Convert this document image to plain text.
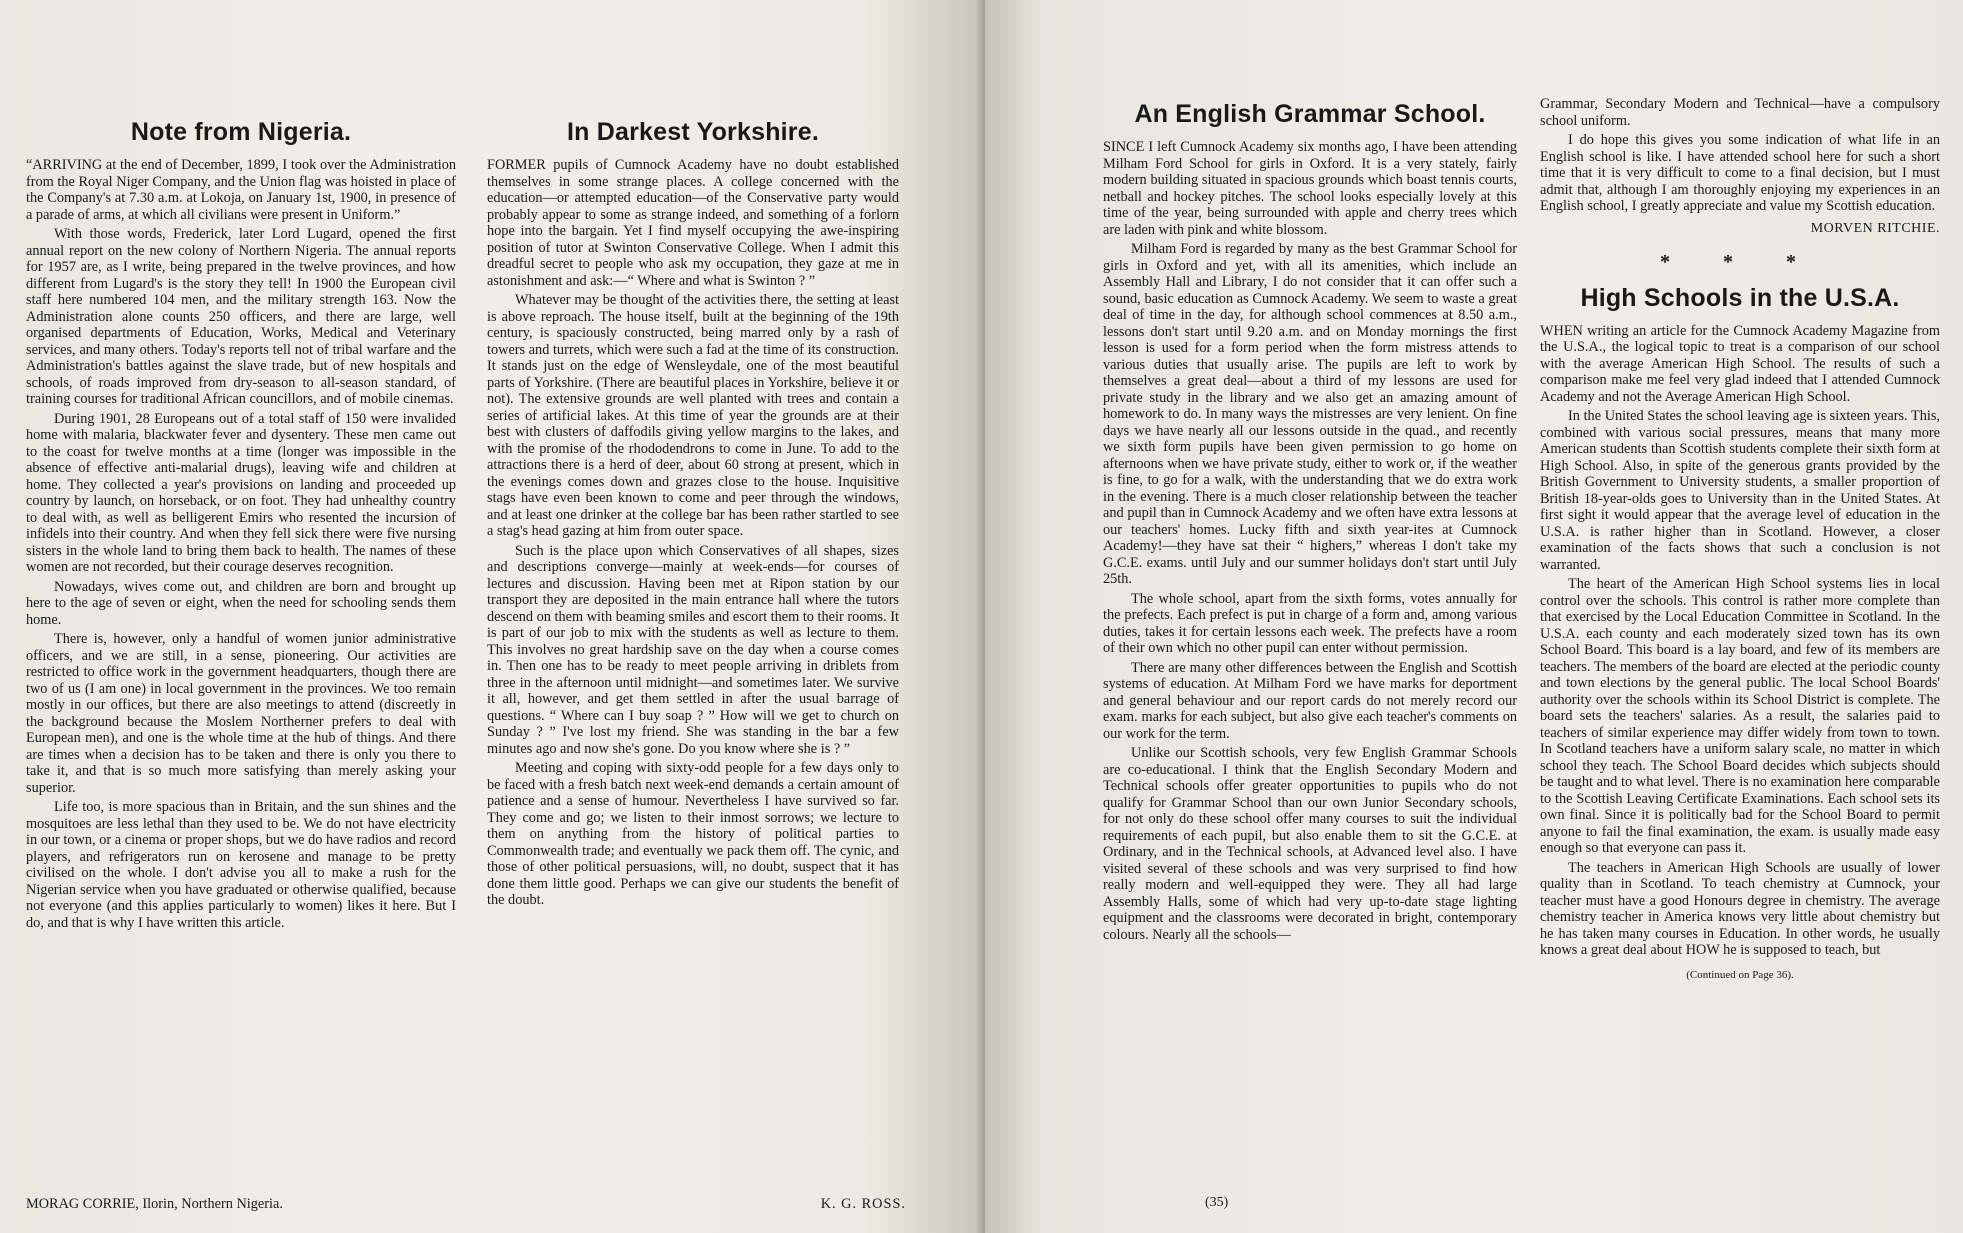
Note from Nigeria.

“ARRIVING at the end of December, 1899, I took over the Administration from the Royal Niger Company, and the Union flag was hoisted in place of the Company's at 7.30 a.m. at Lokoja, on January 1st, 1900, in presence of a parade of arms, at which all civilians were present in Uniform.”

With those words, Frederick, later Lord Lugard, opened the first annual report on the new colony of Northern Nigeria. The annual reports for 1957 are, as I write, being prepared in the twelve provinces, and how different from Lugard's is the story they tell! In 1900 the European civil staff here numbered 104 men, and the military strength 163. Now the Administration alone counts 250 officers, and there are large, well organised departments of Education, Works, Medical and Veterinary services, and many others. Today's reports tell not of tribal warfare and the Administration's battles against the slave trade, but of new hospitals and schools, of roads improved from dry-season to all-season standard, of training courses for traditional African councillors, and of mobile cinemas.

During 1901, 28 Europeans out of a total staff of 150 were invalided home with malaria, blackwater fever and dysentery. These men came out to the coast for twelve months at a time (longer was impossible in the absence of effective anti-malarial drugs), leaving wife and children at home. They collected a year's provisions on landing and proceeded up country by launch, on horseback, or on foot. They had unhealthy country to deal with, as well as belligerent Emirs who resented the incursion of infidels into their country. And when they fell sick there were five nursing sisters in the whole land to bring them back to health. The names of these women are not recorded, but their courage deserves recognition.

Nowadays, wives come out, and children are born and brought up here to the age of seven or eight, when the need for schooling sends them home.

There is, however, only a handful of women junior administrative officers, and we are still, in a sense, pioneering. Our activities are restricted to office work in the government headquarters, though there are two of us (I am one) in local government in the provinces. We too remain mostly in our offices, but there are also meetings to attend (discreetly in the background because the Moslem Northerner prefers to deal with European men), and one is the whole time at the hub of things. And there are times when a decision has to be taken and there is only you there to take it, and that is so much more satisfying than merely asking your superior.

Life too, is more spacious than in Britain, and the sun shines and the mosquitoes are less lethal than they used to be. We do not have electricity in our town, or a cinema or proper shops, but we do have radios and record players, and refrigerators run on kerosene and manage to be pretty civilised on the whole. I don't advise you all to make a rush for the Nigerian service when you have graduated or otherwise qualified, because not everyone (and this applies particularly to women) likes it here. But I do, and that is why I have written this article.

In Darkest Yorkshire.

FORMER pupils of Cumnock Academy have no doubt established themselves in some strange places. A college concerned with the education—or attempted education—of the Conservative party would probably appear to some as strange indeed, and something of a forlorn hope into the bargain. Yet I find myself occupying the awe-inspiring position of tutor at Swinton Conservative College. When I admit this dreadful secret to people who ask my occupation, they gaze at me in astonishment and ask:—“ Where and what is Swinton ? ”

Whatever may be thought of the activities there, the setting at least is above reproach. The house itself, built at the beginning of the 19th century, is spaciously constructed, being marred only by a rash of towers and turrets, which were such a fad at the time of its construction. It stands just on the edge of Wensleydale, one of the most beautiful parts of Yorkshire. (There are beautiful places in Yorkshire, believe it or not). The extensive grounds are well planted with trees and contain a series of artificial lakes. At this time of year the grounds are at their best with clusters of daffodils giving yellow margins to the lakes, and with the promise of the rhododendrons to come in June. To add to the attractions there is a herd of deer, about 60 strong at present, which in the evenings comes down and grazes close to the house. Inquisitive stags have even been known to come and peer through the windows, and at least one drinker at the college bar has been rather startled to see a stag's head gazing at him from outer space.

Such is the place upon which Conservatives of all shapes, sizes and descriptions converge—mainly at week-ends—for courses of lectures and discussion. Having been met at Ripon station by our transport they are deposited in the main entrance hall where the tutors descend on them with beaming smiles and escort them to their rooms. It is part of our job to mix with the students as well as lecture to them. This involves no great hardship save on the day when a course comes in. Then one has to be ready to meet people arriving in driblets from three in the afternoon until midnight—and sometimes later. We survive it all, however, and get them settled in after the usual barrage of questions. “ Where can I buy soap ? ” How will we get to church on Sunday ? ” I've lost my friend. She was standing in the bar a few minutes ago and now she's gone. Do you know where she is ? ”

Meeting and coping with sixty-odd people for a few days only to be faced with a fresh batch next week-end demands a certain amount of patience and a sense of humour. Nevertheless I have survived so far. They come and go; we listen to their inmost sorrows; we lecture to them on anything from the history of political parties to Commonwealth trade; and eventually we pack them off. The cynic, and those of other political persuasions, will, no doubt, suspect that it has done them little good. Perhaps we can give our students the benefit of the doubt.

MORAG CORRIE, Ilorin, Northern Nigeria.	K. G. ROSS.
An English Grammar School.

SINCE I left Cumnock Academy six months ago, I have been attending Milham Ford School for girls in Oxford. It is a very stately, fairly modern building situated in spacious grounds which boast tennis courts, netball and hockey pitches. The school looks especially lovely at this time of the year, being surrounded with apple and cherry trees which are laden with pink and white blossom.

Milham Ford is regarded by many as the best Grammar School for girls in Oxford and yet, with all its amenities, which include an Assembly Hall and Library, I do not consider that it can offer such a sound, basic education as Cumnock Academy. We seem to waste a great deal of time in the day, for although school commences at 8.50 a.m., lessons don't start until 9.20 a.m. and on Monday mornings the first lesson is used for a form period when the form mistress attends to various duties that usually arise. The pupils are left to work by themselves a great deal—about a third of my lessons are used for private study in the library and we also get an amazing amount of homework to do. In many ways the mistresses are very lenient. On fine days we have nearly all our lessons outside in the quad., and recently we sixth form pupils have been given permission to go home on afternoons when we have private study, either to work or, if the weather is fine, to go for a walk, with the understanding that we do extra work in the evening. There is a much closer relationship between the teacher and pupil than in Cumnock Academy and we often have extra lessons at our teachers' homes. Lucky fifth and sixth year-ites at Cumnock Academy!—they have sat their “ highers,” whereas I don't take my G.C.E. exams. until July and our summer holidays don't start until July 25th.

The whole school, apart from the sixth forms, votes annually for the prefects. Each prefect is put in charge of a form and, among various duties, takes it for certain lessons each week. The prefects have a room of their own which no other pupil can enter without permission.

There are many other differences between the English and Scottish systems of education. At Milham Ford we have marks for deportment and general behaviour and our report cards do not merely record our exam. marks for each subject, but also give each teacher's comments on our work for the term.

Unlike our Scottish schools, very few English Grammar Schools are co-educational. I think that the English Secondary Modern and Technical schools offer greater opportunities to pupils who do not qualify for Grammar School than our own Junior Secondary schools, for not only do these school offer many courses to suit the individual requirements of each pupil, but also enable them to sit the G.C.E. at Ordinary, and in the Technical schools, at Advanced level also. I have visited several of these schools and was very surprised to find how really modern and well-equipped they were. They all had large Assembly Halls, some of which had very up-to-date stage lighting equipment and the classrooms were decorated in bright, contemporary colours. Nearly all the schools—

Grammar, Secondary Modern and Technical—have a compulsory school uniform.

I do hope this gives you some indication of what life in an English school is like. I have attended school here for such a short time that it is very difficult to come to a final decision, but I must admit that, although I am thoroughly enjoying my experiences in an English school, I greatly appreciate and value my Scottish education.

MORVEN RITCHIE.
* * *
High Schools in the U.S.A.

WHEN writing an article for the Cumnock Academy Magazine from the U.S.A., the logical topic to treat is a comparison of our school with the average American High School. The results of such a comparison make me feel very glad indeed that I attended Cumnock Academy and not the Average American High School.

In the United States the school leaving age is sixteen years. This, combined with various social pressures, means that many more American students than Scottish students complete their sixth form at High School. Also, in spite of the generous grants provided by the British Government to University students, a smaller proportion of British 18-year-olds goes to University than in the United States. At first sight it would appear that the average level of education in the U.S.A. is rather higher than in Scotland. However, a closer examination of the facts shows that such a conclusion is not warranted.

The heart of the American High School systems lies in local control over the schools. This control is rather more complete than that exercised by the Local Education Committee in Scotland. In the U.S.A. each county and each moderately sized town has its own School Board. This board is a lay board, and few of its members are teachers. The members of the board are elected at the periodic county and town elections by the general public. The local School Boards' authority over the schools within its School District is complete. The board sets the teachers' salaries. As a result, the salaries paid to teachers of similar experience may differ widely from town to town. In Scotland teachers have a uniform salary scale, no matter in which school they teach. The School Board decides which subjects should be taught and to what level. There is no examination here comparable to the Scottish Leaving Certificate Examinations. Each school sets its own final. Since it is politically bad for the School Board to permit anyone to fail the final examination, the exam. is usually made easy enough so that everyone can pass it.

The teachers in American High Schools are usually of lower quality than in Scotland. To teach chemistry at Cumnock, your teacher must have a good Honours degree in chemistry. The average chemistry teacher in America knows very little about chemistry but he has taken many courses in Education. In other words, he usually knows a great deal about HOW he is supposed to teach, but

(Continued on Page 36).
(35)
